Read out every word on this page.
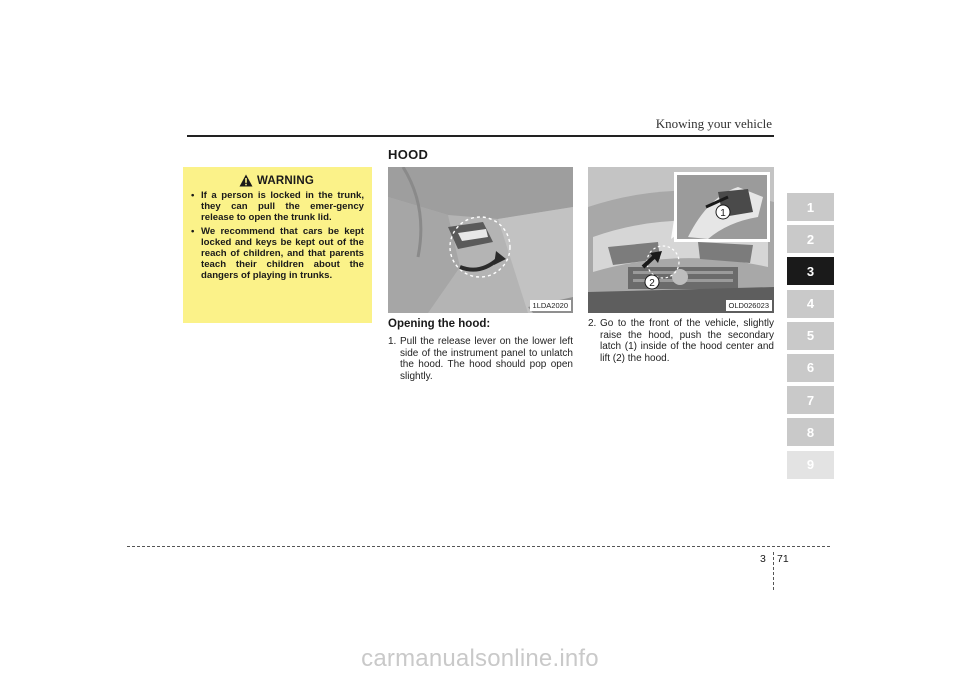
Knowing your vehicle
HOOD
WARNING
• If a person is locked in the trunk, they can pull the emer-gency release to open the trunk lid.
• We recommend that cars be kept locked and keys be kept out of the reach of children, and that parents teach their children about the dangers of playing in trunks.
1LDA2020
1
2
OLD026023
Opening the hood:
1. Pull the release lever on the lower left side of the instrument panel to unlatch the hood. The hood should pop open slightly.
2. Go to the front of the vehicle, slightly raise the hood, push the secondary latch (1) inside of the hood center and lift (2) the hood.
1
2
3
4
5
6
7
8
9
3 71
carmanualsonline.info
